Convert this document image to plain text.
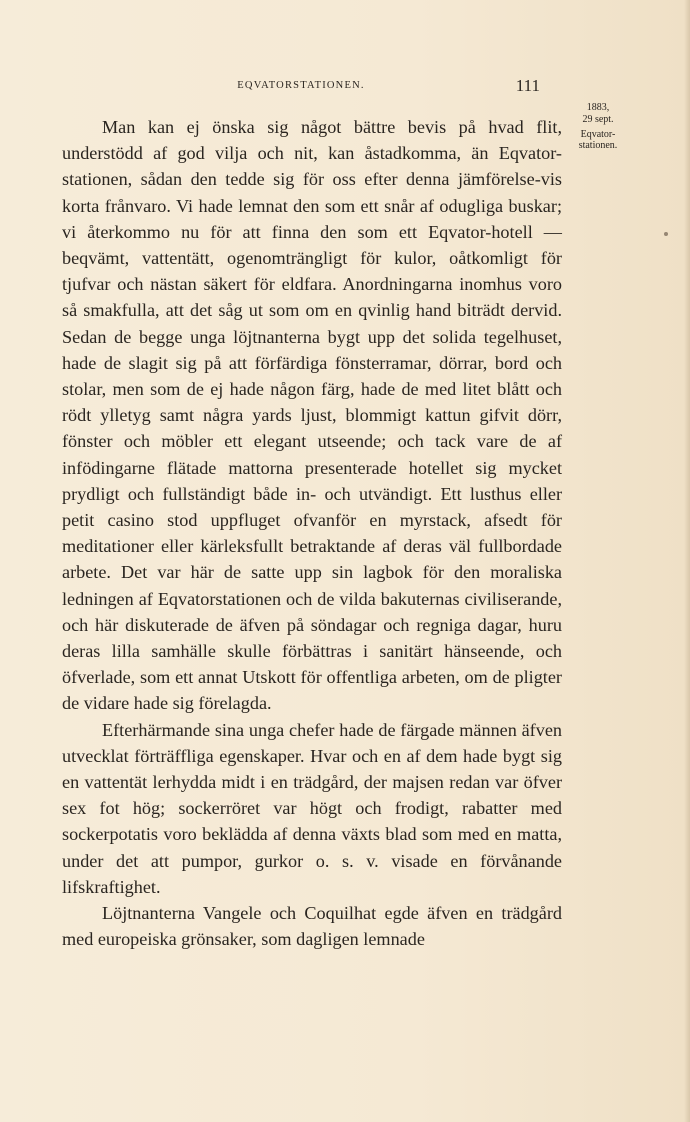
EQVATORSTATIONEN.	111
1883,
29 sept.
Eqvator-
stationen.

Man kan ej önska sig något bättre bevis på hvad flit, understödd af god vilja och nit, kan åstadkomma, än Eqvator-stationen, sådan den tedde sig för oss efter denna jämförelse-vis korta frånvaro. Vi hade lemnat den som ett snår af odugliga buskar; vi återkommo nu för att finna den som ett Eqvator-hotell — beqvämt, vattentätt, ogenomträngligt för kulor, oåtkomligt för tjufvar och nästan säkert för eldfara. Anordningarna inomhus voro så smakfulla, att det såg ut som om en qvinlig hand biträdt dervid. Sedan de begge unga löjtnanterna bygt upp det solida tegelhuset, hade de slagit sig på att förfärdiga fönsterramar, dörrar, bord och stolar, men som de ej hade någon färg, hade de med litet blått och rödt ylletyg samt några yards ljust, blommigt kattun gifvit dörr, fönster och möbler ett elegant utseende; och tack vare de af infödingarne flätade mattorna presenterade hotellet sig mycket prydligt och fullständigt både in- och utvändigt. Ett lusthus eller petit casino stod uppfluget ofvanför en myrstack, afsedt för meditationer eller kärleksfullt betraktande af deras väl fullbordade arbete. Det var här de satte upp sin lagbok för den moraliska ledningen af Eqvatorstationen och de vilda bakuternas civiliserande, och här diskuterade de äfven på söndagar och regniga dagar, huru deras lilla samhälle skulle förbättras i sanitärt hänseende, och öfverlade, som ett annat Utskott för offentliga arbeten, om de pligter de vidare hade sig förelagda.

Efterhärmande sina unga chefer hade de färgade männen äfven utvecklat förträffliga egenskaper. Hvar och en af dem hade bygt sig en vattentät lerhydda midt i en trädgård, der majsen redan var öfver sex fot hög; sockerröret var högt och frodigt, rabatter med sockerpotatis voro beklädda af denna växts blad som med en matta, under det att pumpor, gurkor o. s. v. visade en förvånande lifskraftighet.

Löjtnanterna Vangele och Coquilhat egde äfven en trädgård med europeiska grönsaker, som dagligen lemnade
